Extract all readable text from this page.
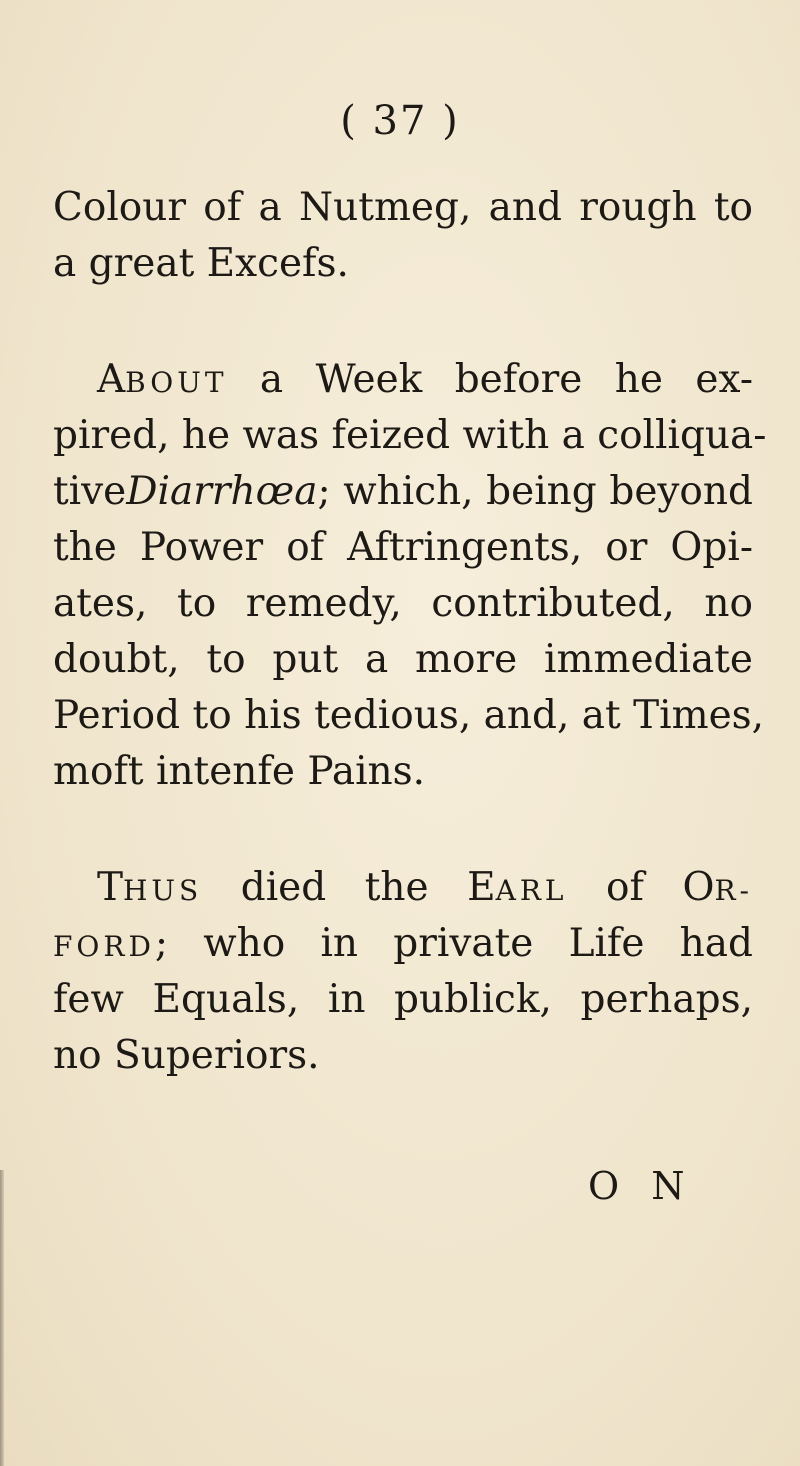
( 37 )
Colour of a Nutmeg, and rough to
a great Excefs.
ABOUT a Week before he ex-
pired, he was feized with a colliqua-
tiveDiarrhœa; which, being beyond
the Power of Aftringents, or Opi-
ates, to remedy, contributed, no
doubt, to put a more immediate
Period to his tedious, and, at Times,
moft intenfe Pains.
THUS died the EARL of OR-
FORD; who in private Life had
few Equals, in publick, perhaps,
no Superiors.
O N
